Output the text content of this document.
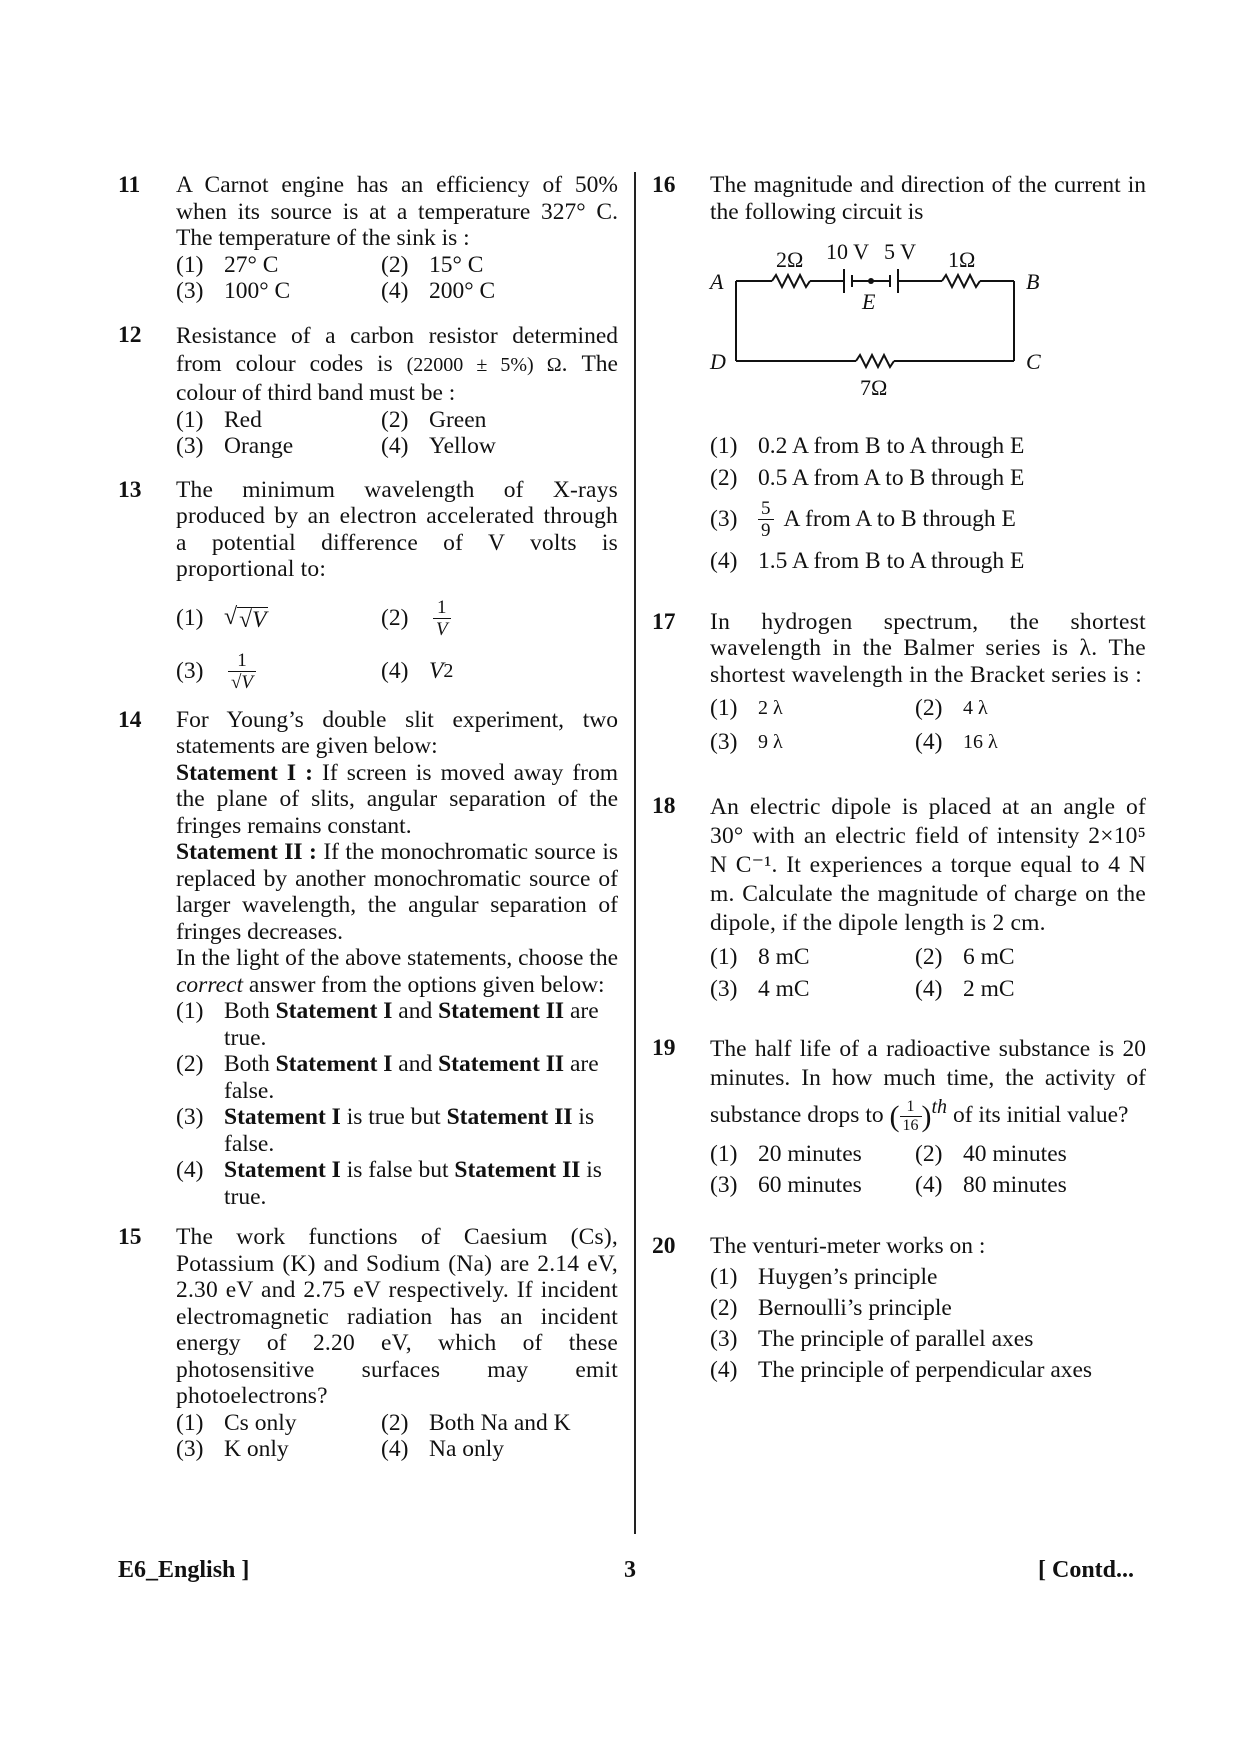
11 A Carnot engine has an efficiency of 50% when its source is at a temperature 327° C. The temperature of the sink is :

(1) 27° C	(2) 15° C
(3) 100° C	(4) 200° C
12 Resistance of a carbon resistor determined from colour codes is (22000 ± 5%) Ω. The colour of third band must be :

(1) Red	(2) Green
(3) Orange	(4) Yellow
13 The minimum wavelength of X-rays produced by an electron accelerated through a potential difference of V volts is proportional to:

(1) √ √V	(2)	$\frac{1}{V}$
(3)	$\frac{1}{√V}$	(4) V 2
14 For Young’s double slit experiment, two statements are given below:

Statement I : If screen is moved away from the plane of slits, angular separation of the fringes remains constant.

Statement II : If the monochromatic source is replaced by another monochromatic source of larger wavelength, the angular separation of fringes decreases.

In the light of the above statements, choose the correct answer from the options given below:

(1) Both Statement I and Statement II are true.
(2) Both Statement I and Statement II are false.
(3) Statement I is true but Statement II is false.
(4) Statement I is false but Statement II is true.
15 The work functions of Caesium (Cs), Potassium (K) and Sodium (Na) are 2.14 eV, 2.30 eV and 2.75 eV respectively. If incident electromagnetic radiation has an incident energy of 2.20 eV, which of these photosensitive surfaces may emit photoelectrons?

(1) Cs only	(2) Both Na and K
(3) K only	(4) Na only
16 The magnitude and direction of the current in the following circuit is

2Ω 10 V 5 V 1Ω
E
A	B
C
D
7Ω
(1) 0.2 A from B to A through E
(2) 0.5 A from A to B through E
(3)	$\frac{5}{9}$ A from A to B through E
(4) 1.5 A from B to A through E
17 In hydrogen spectrum, the shortest wavelength in the Balmer series is λ. The shortest wavelength in the Bracket series is :

(1)	2 λ	(2)	4 λ
(3)	9 λ	(4)	16 λ
18 An electric dipole is placed at an angle of 30° with an electric field of intensity 2×10⁵ N C⁻¹. It experiences a torque equal to 4 N m. Calculate the magnitude of charge on the dipole, if the dipole length is 2 cm.

(1) 8 mC	(2) 6 mC
(3) 4 mC	(4) 2 mC
19 The half life of a radioactive substance is 20 minutes. In how much time, the activity of substance drops to ( $\frac{1}{16} )^{th}$ of its initial value?

(1) 20 minutes (2) 40 minutes
(3) 60 minutes (4) 80 minutes
20 The venturi-meter works on :

(1) Huygen’s principle
(2) Bernoulli’s principle
(3) The principle of parallel axes
(4) The principle of perpendicular axes
E6_English ]	3	[ Contd...
